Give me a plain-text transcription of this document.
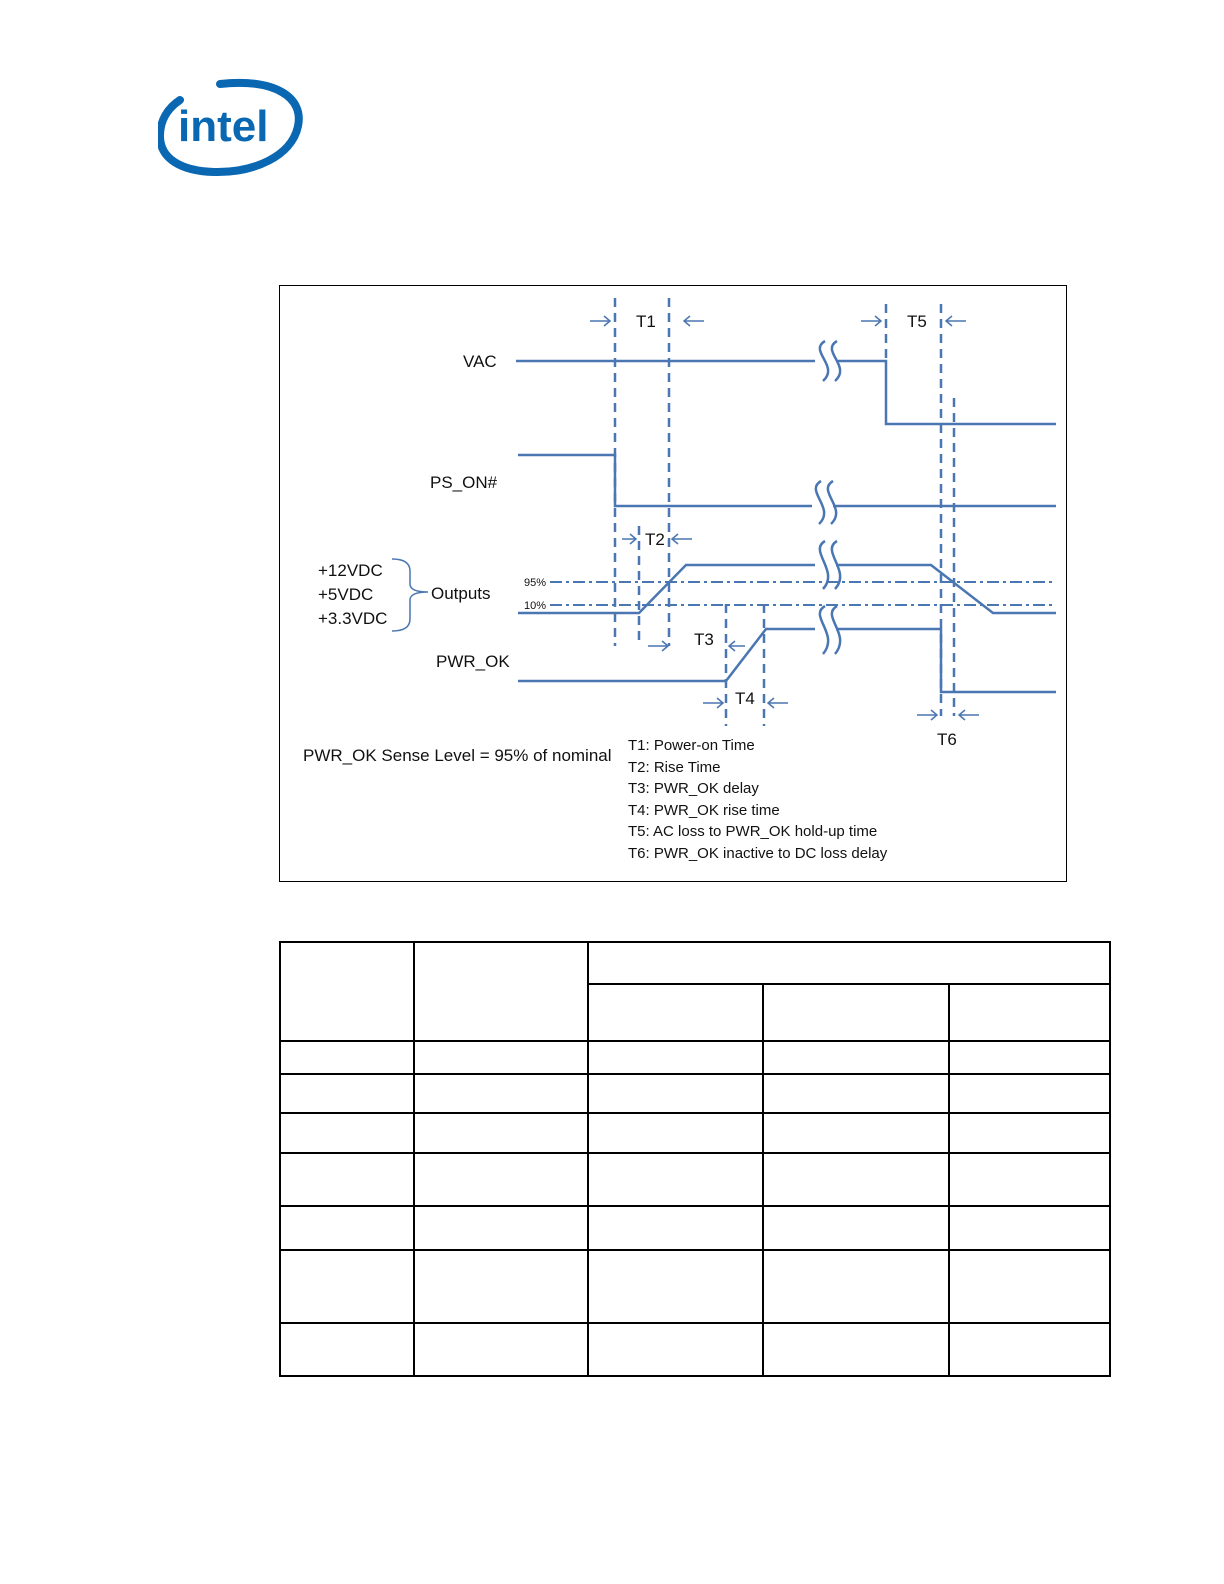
intel
VAC
PS_ON#
95%
10%
+12VDC
+5VDC
+3.3VDC
Outputs
PWR_OK
T1	T5
T2
T3
T4
T6
PWR_OK Sense Level = 95% of nominal
T1: Power-on Time
T2: Rise Time
T3: PWR_OK delay
T4: PWR_OK rise time
T5: AC loss to PWR_OK hold-up time
T6: PWR_OK inactive to DC loss delay
